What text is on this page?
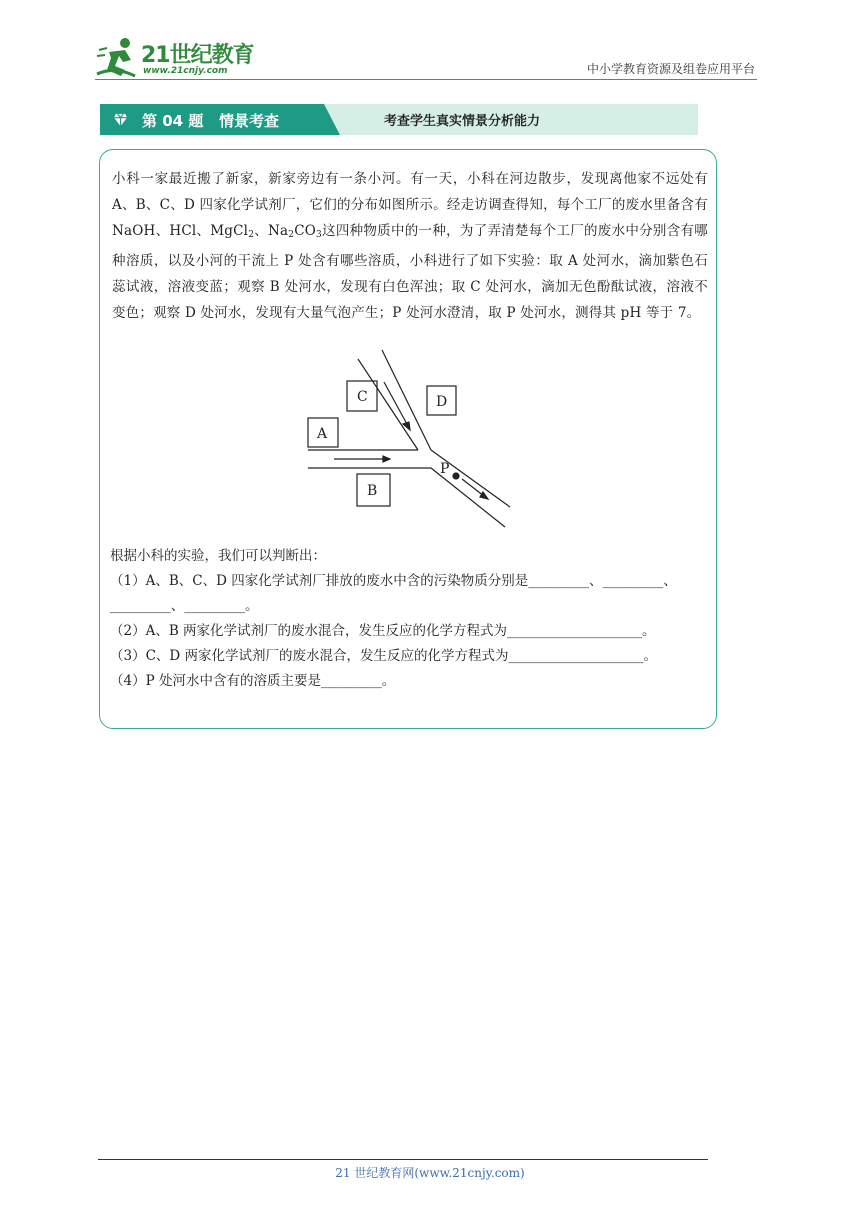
21世纪教育
www.21cnjy.com	中小学教育资源及组卷应用平台
第 04 题   情景考查	考查学生真实情景分析能力

小科一家最近搬了新家，新家旁边有一条小河。有一天，小科在河边散步，发现离他家不远处有 A、B、C、D 四家化学试剂厂，它们的分布如图所示。经走访调查得知，每个工厂的废水里备含有 NaOH、HCl、MgCl$_2$、$Na_2CO_3$这四种物质中的一种，为了弄清楚每个工厂的废水中分别含有哪种溶质，以及小河的干流上 P 处含有哪些溶质，小科进行了如下实验：取 A 处河水，滴加紫色石蕊试液，溶液变蓝；观察 B 处河水，发现有白色浑浊；取 C 处河水，滴加无色酚酞试液，溶液不变色；观察 D 处河水，发现有大量气泡产生；P 处河水澄清，取 P 处河水，测得其 pH 等于 7。

A
B
C	D
P
根据小科的实验，我们可以判断出：
（1）A、B、C、D 四家化学试剂厂排放的废水中含的污染物质分别是_________、_________、
_________、_________。
（2）A、B 两家化学试剂厂的废水混合，发生反应的化学方程式为____________________。
（3）C、D 两家化学试剂厂的废水混合，发生反应的化学方程式为____________________。
（4）P 处河水中含有的溶质主要是_________。
21 世纪教育网(www.21cnjy.com)
